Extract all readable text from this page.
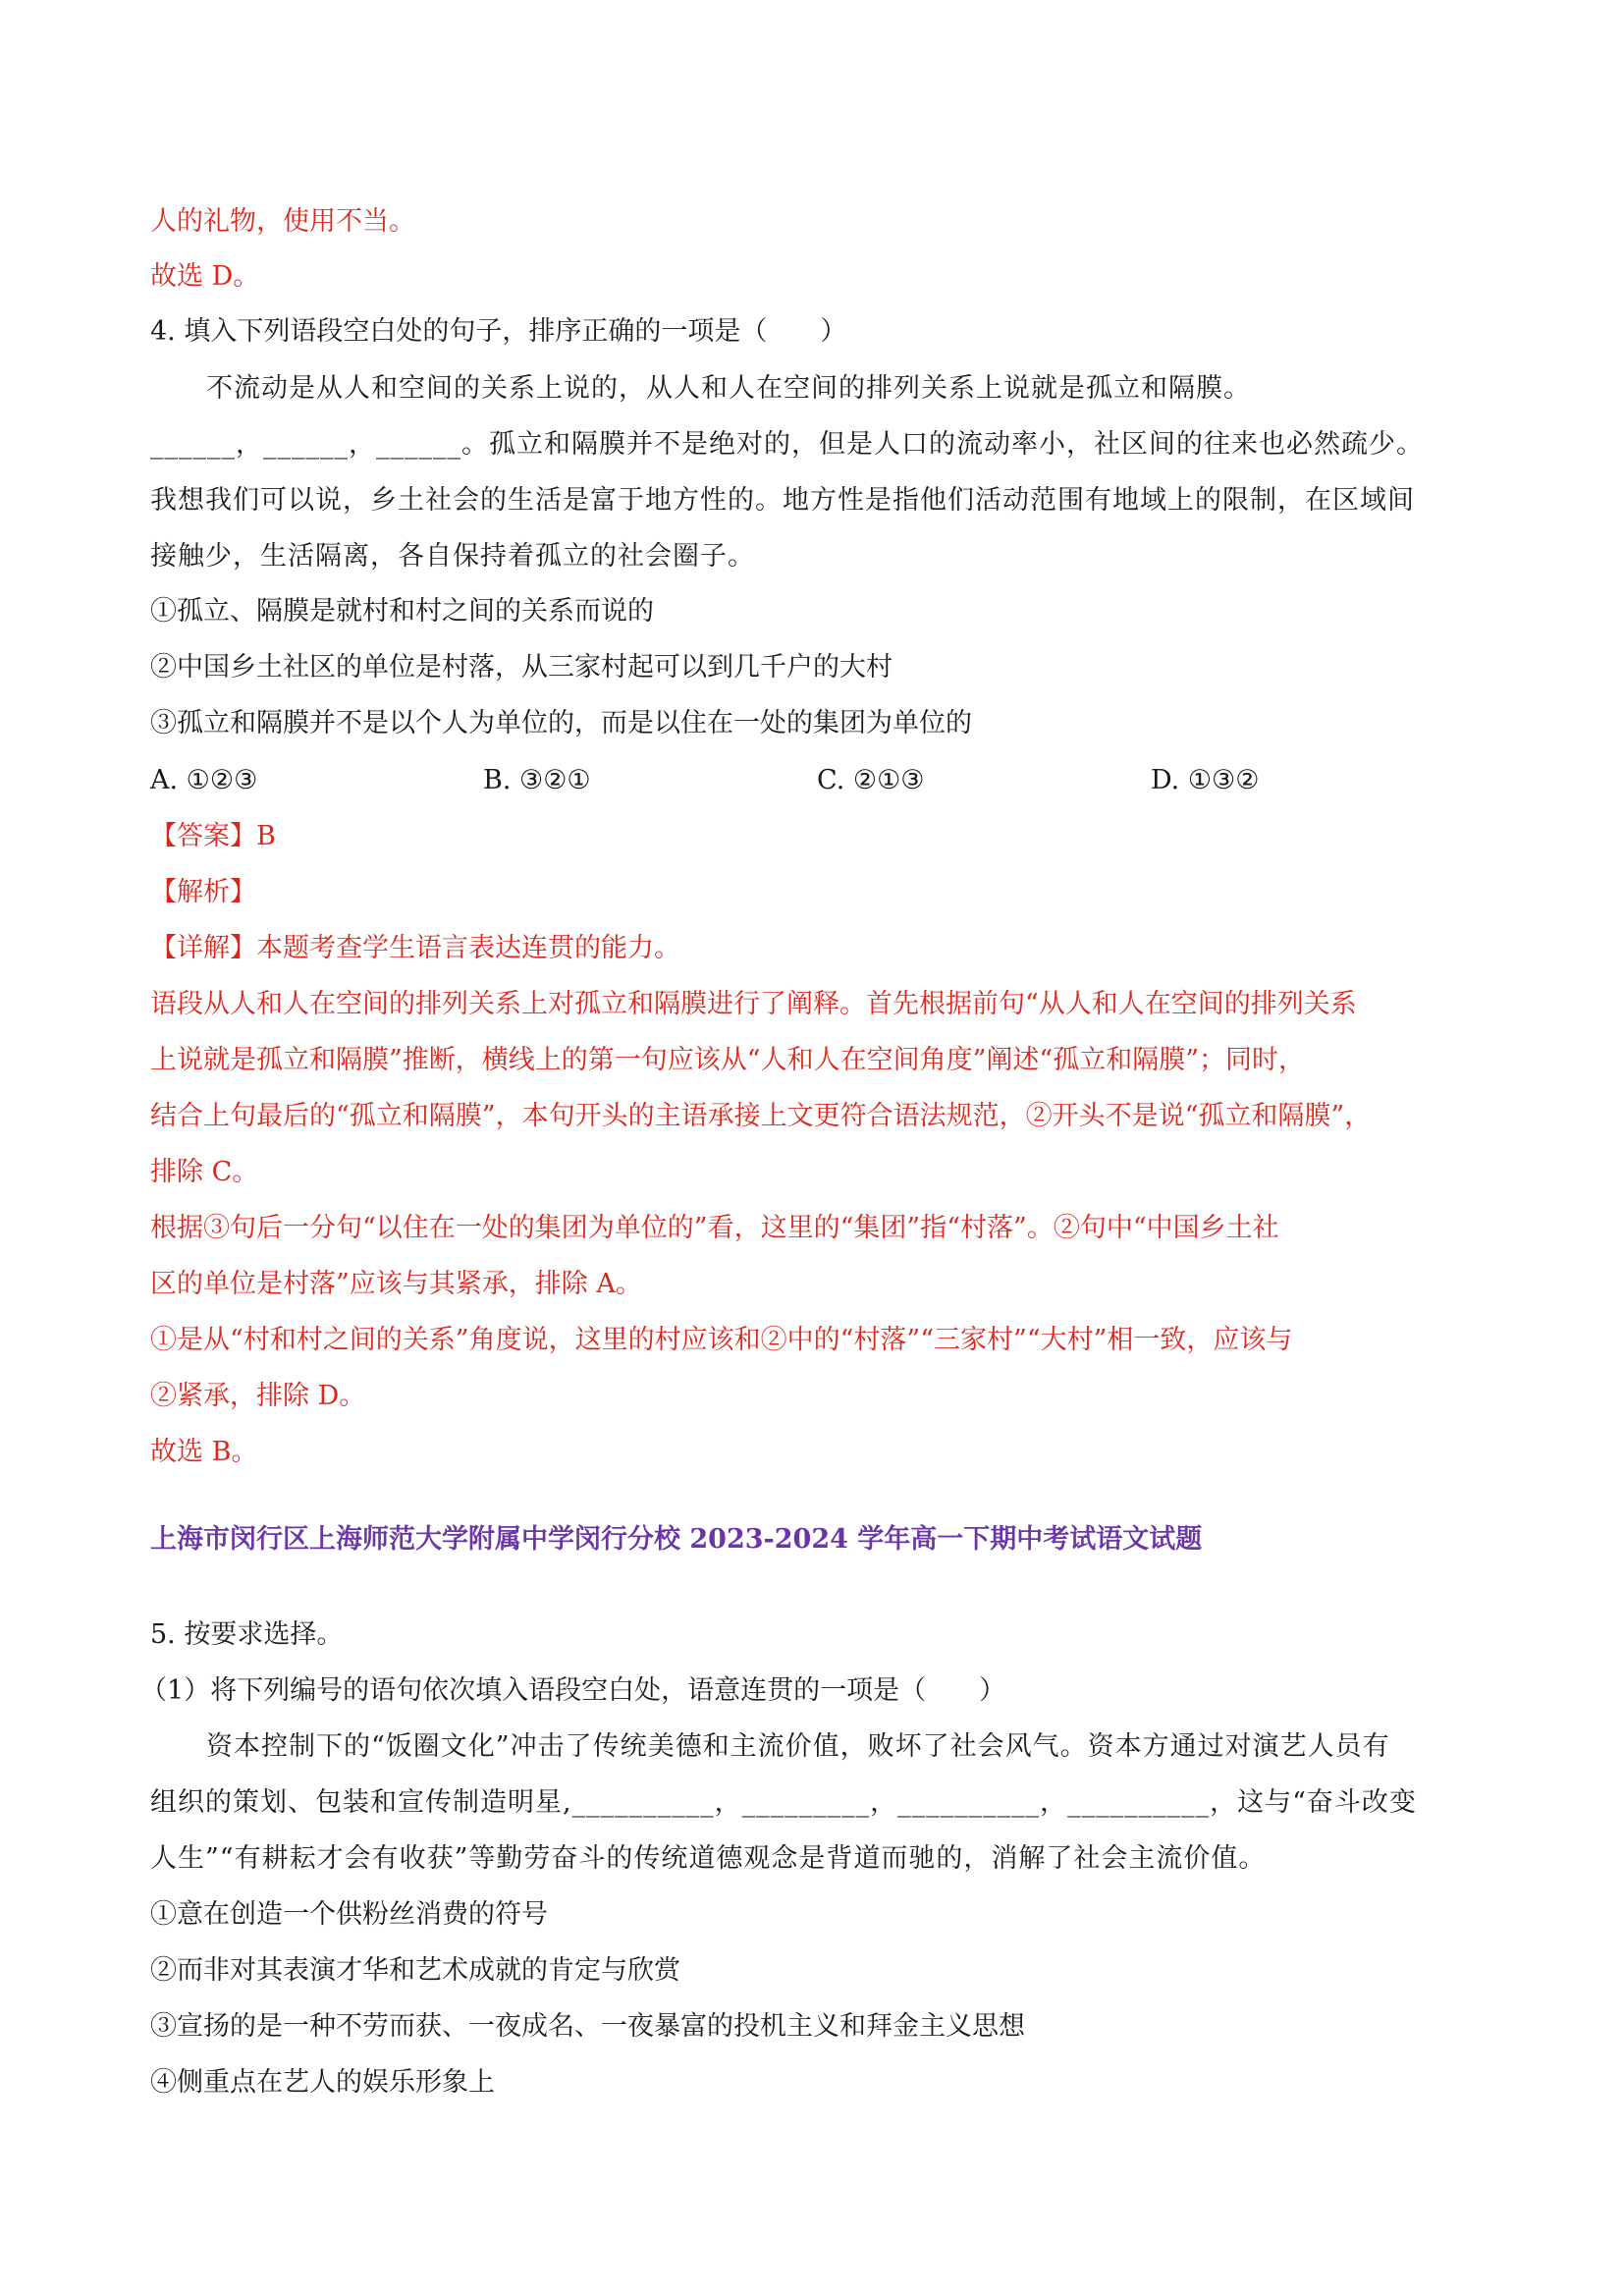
人的礼物，使用不当。
故选 D。
4. 填入下列语段空白处的句子，排序正确的一项是（　　）
不流动是从人和空间的关系上说的，从人和人在空间的排列关系上说就是孤立和隔膜。
______，______，______。孤立和隔膜并不是绝对的，但是人口的流动率小，社区间的往来也必然疏少。
我想我们可以说，乡土社会的生活是富于地方性的。地方性是指他们活动范围有地域上的限制，在区域间
接触少，生活隔离，各自保持着孤立的社会圈子。
①孤立、隔膜是就村和村之间的关系而说的
②中国乡土社区的单位是村落，从三家村起可以到几千户的大村
③孤立和隔膜并不是以个人为单位的，而是以住在一处的集团为单位的
A. ①②③	B. ③②①	C. ②①③	D. ①③②
【答案】B
【解析】
【详解】本题考查学生语言表达连贯的能力。
语段从人和人在空间的排列关系上对孤立和隔膜进行了阐释。首先根据前句“从人和人在空间的排列关系
上说就是孤立和隔膜”推断，横线上的第一句应该从“人和人在空间角度”阐述“孤立和隔膜”；同时，
结合上句最后的“孤立和隔膜”，本句开头的主语承接上文更符合语法规范，②开头不是说“孤立和隔膜”，
排除 C。
根据③句后一分句“以住在一处的集团为单位的”看，这里的“集团”指“村落”。②句中“中国乡土社
区的单位是村落”应该与其紧承，排除 A。
①是从“村和村之间的关系”角度说，这里的村应该和②中的“村落”“三家村”“大村”相一致，应该与
②紧承，排除 D。
故选 B。
上海市闵行区上海师范大学附属中学闵行分校 2023-2024 学年高一下期中考试语文试题
5. 按要求选择。
（1）将下列编号的语句依次填入语段空白处，语意连贯的一项是（　　）
资本控制下的“饭圈文化”冲击了传统美德和主流价值，败坏了社会风气。资本方通过对演艺人员有
组织的策划、包装和宣传制造明星,__________，_________，__________，__________，这与“奋斗改变
人生”“有耕耘才会有收获”等勤劳奋斗的传统道德观念是背道而驰的，消解了社会主流价值。
①意在创造一个供粉丝消费的符号
②而非对其表演才华和艺术成就的肯定与欣赏
③宣扬的是一种不劳而获、一夜成名、一夜暴富的投机主义和拜金主义思想
④侧重点在艺人的娱乐形象上
